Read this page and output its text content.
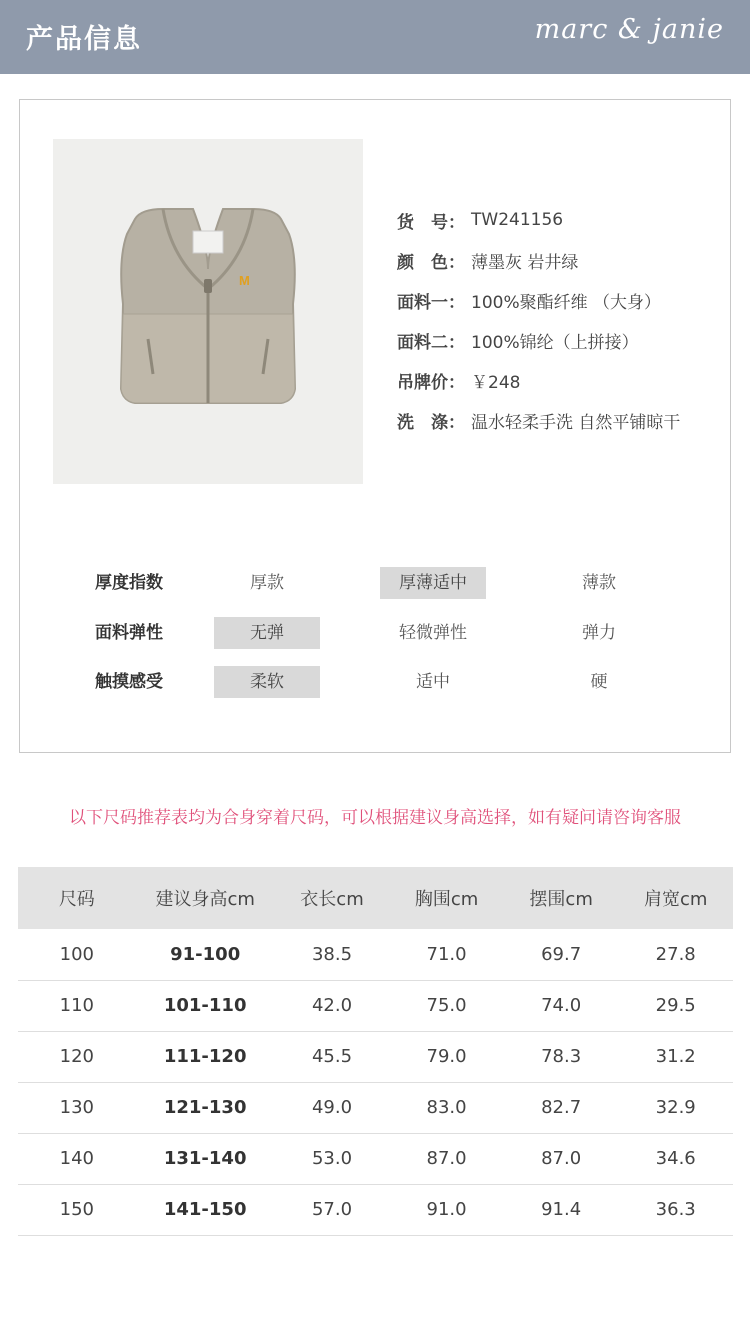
产品信息	marc & janie
M
货　号： TW241156
颜　色： 薄墨灰 岩井绿
面料一： 100%聚酯纤维 （大身）
面料二： 100%锦纶（上拼接）
吊牌价： ￥248
洗　涤： 温水轻柔手洗 自然平铺晾干
厚度指数	厚款	厚薄适中	薄款
面料弹性	无弹	轻微弹性	弹力
触摸感受	柔软	适中	硬
以下尺码推荐表均为合身穿着尺码，可以根据建议身高选择，如有疑问请咨询客服
尺码	建议身高cm	衣长cm	胸围cm	摆围cm	肩宽cm
100	91-100	38.5	71.0	69.7	27.8
110	101-110	42.0	75.0	74.0	29.5
120	111-120	45.5	79.0	78.3	31.2
130	121-130	49.0	83.0	82.7	32.9
140	131-140	53.0	87.0	87.0	34.6
150	141-150	57.0	91.0	91.4	36.3
